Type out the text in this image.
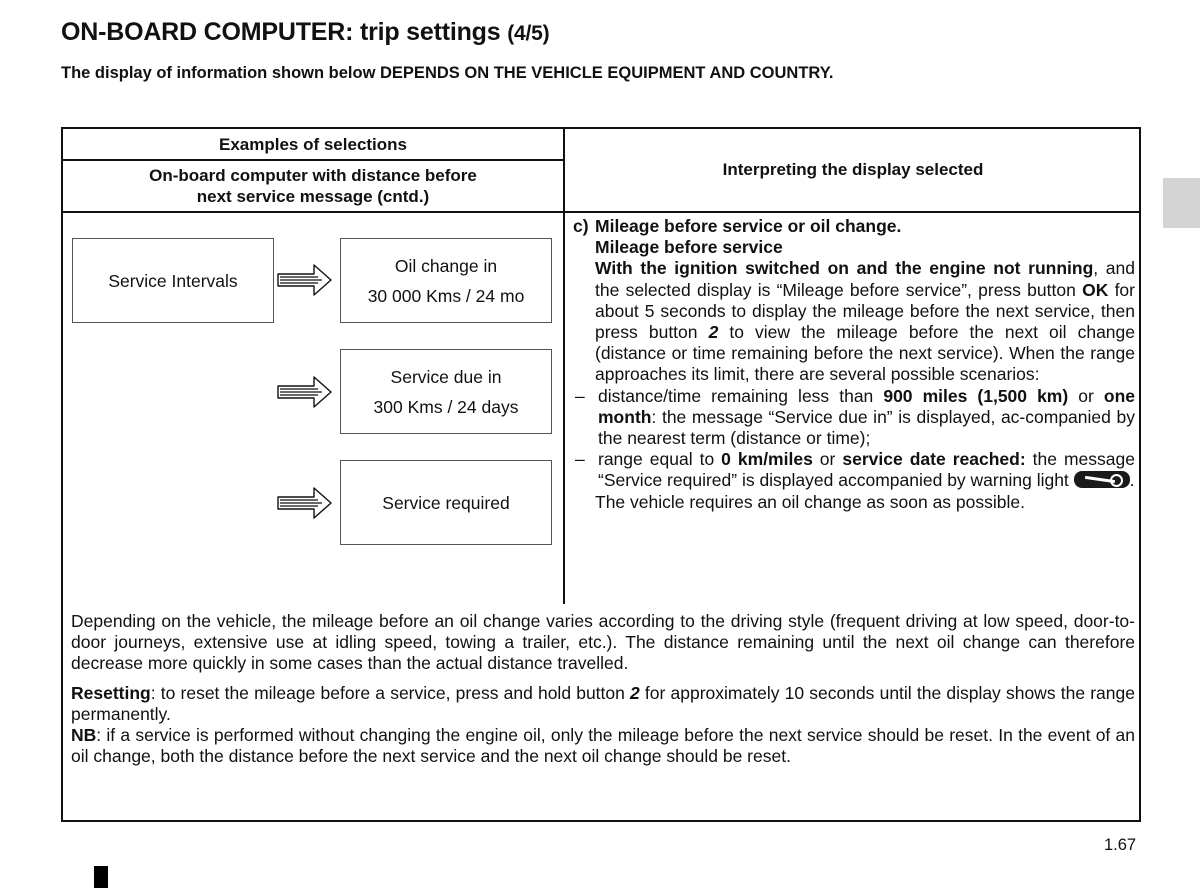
ON-BOARD COMPUTER: trip settings (4/5)
The display of information shown below DEPENDS ON THE VEHICLE EQUIPMENT AND COUNTRY.
Examples of selections
On-board computer with distance before
next service message (cntd.)
Interpreting the display selected
Service Intervals
Oil change in
30 000 Kms / 24 mo
Service due in
300 Kms / 24 days
Service required
c) Mileage before service or oil change.
Mileage before service
With the ignition switched on and the engine not running, and the selected display is “Mileage before service”, press button OK for about 5 seconds to display the mileage before the next service, then press button 2 to view the mileage before the next oil change (distance or time remaining before the next service). When the range approaches its limit, there are several possible scenarios:
– distance/time remaining less than 900 miles (1,500 km) or one month: the message “Service due in” is displayed, ac-companied by the nearest term (distance or time);
– range equal to 0 km/miles or service date reached: the message “Service required” is displayed accompanied by warning light	.
The vehicle requires an oil change as soon as possible.

Depending on the vehicle, the mileage before an oil change varies according to the driving style (frequent driving at low speed, door-to-door journeys, extensive use at idling speed, towing a trailer, etc.). The distance remaining until the next oil change can therefore decrease more quickly in some cases than the actual distance travelled.

Resetting: to reset the mileage before a service, press and hold button 2 for approximately 10 seconds until the display shows the range permanently.

NB: if a service is performed without changing the engine oil, only the mileage before the next service should be reset. In the event of an oil change, both the distance before the next service and the next oil change should be reset.

1.67
